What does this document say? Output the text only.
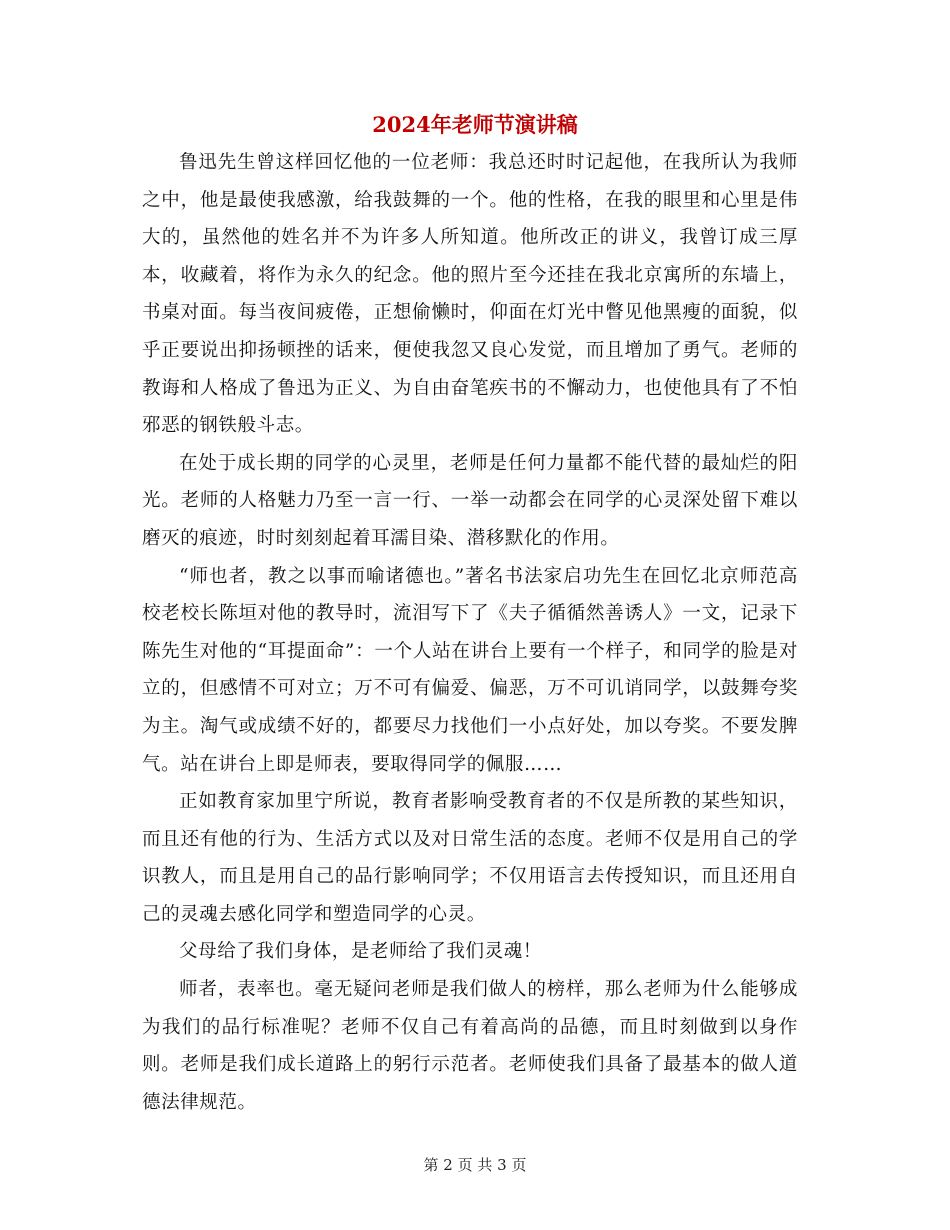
2024年老师节演讲稿

鲁迅先生曾这样回忆他的一位老师：我总还时时记起他，在我所认为我师之中，他是最使我感激，给我鼓舞的一个。他的性格，在我的眼里和心里是伟大的，虽然他的姓名并不为许多人所知道。他所改正的讲义，我曾订成三厚本，收藏着，将作为永久的纪念。他的照片至今还挂在我北京寓所的东墙上，书桌对面。每当夜间疲倦，正想偷懒时，仰面在灯光中瞥见他黑瘦的面貌，似乎正要说出抑扬顿挫的话来，便使我忽又良心发觉，而且增加了勇气。老师的教诲和人格成了鲁迅为正义、为自由奋笔疾书的不懈动力，也使他具有了不怕邪恶的钢铁般斗志。

在处于成长期的同学的心灵里，老师是任何力量都不能代替的最灿烂的阳光。老师的人格魅力乃至一言一行、一举一动都会在同学的心灵深处留下难以磨灭的痕迹，时时刻刻起着耳濡目染、潜移默化的作用。

“师也者，教之以事而喻诸德也。”著名书法家启功先生在回忆北京师范高校老校长陈垣对他的教导时，流泪写下了《夫子循循然善诱人》一文，记录下陈先生对他的“耳提面命”：一个人站在讲台上要有一个样子，和同学的脸是对立的，但感情不可对立；万不可有偏爱、偏恶，万不可讥诮同学，以鼓舞夸奖为主。淘气或成绩不好的，都要尽力找他们一小点好处，加以夸奖。不要发脾气。站在讲台上即是师表，要取得同学的佩服……

正如教育家加里宁所说，教育者影响受教育者的不仅是所教的某些知识，而且还有他的行为、生活方式以及对日常生活的态度。老师不仅是用自己的学识教人，而且是用自己的品行影响同学；不仅用语言去传授知识，而且还用自己的灵魂去感化同学和塑造同学的心灵。

父母给了我们身体，是老师给了我们灵魂！

师者，表率也。毫无疑问老师是我们做人的榜样，那么老师为什么能够成为我们的品行标准呢？老师不仅自己有着高尚的品德，而且时刻做到以身作则。老师是我们成长道路上的躬行示范者。老师使我们具备了最基本的做人道德法律规范。

第 2 页 共 3 页
